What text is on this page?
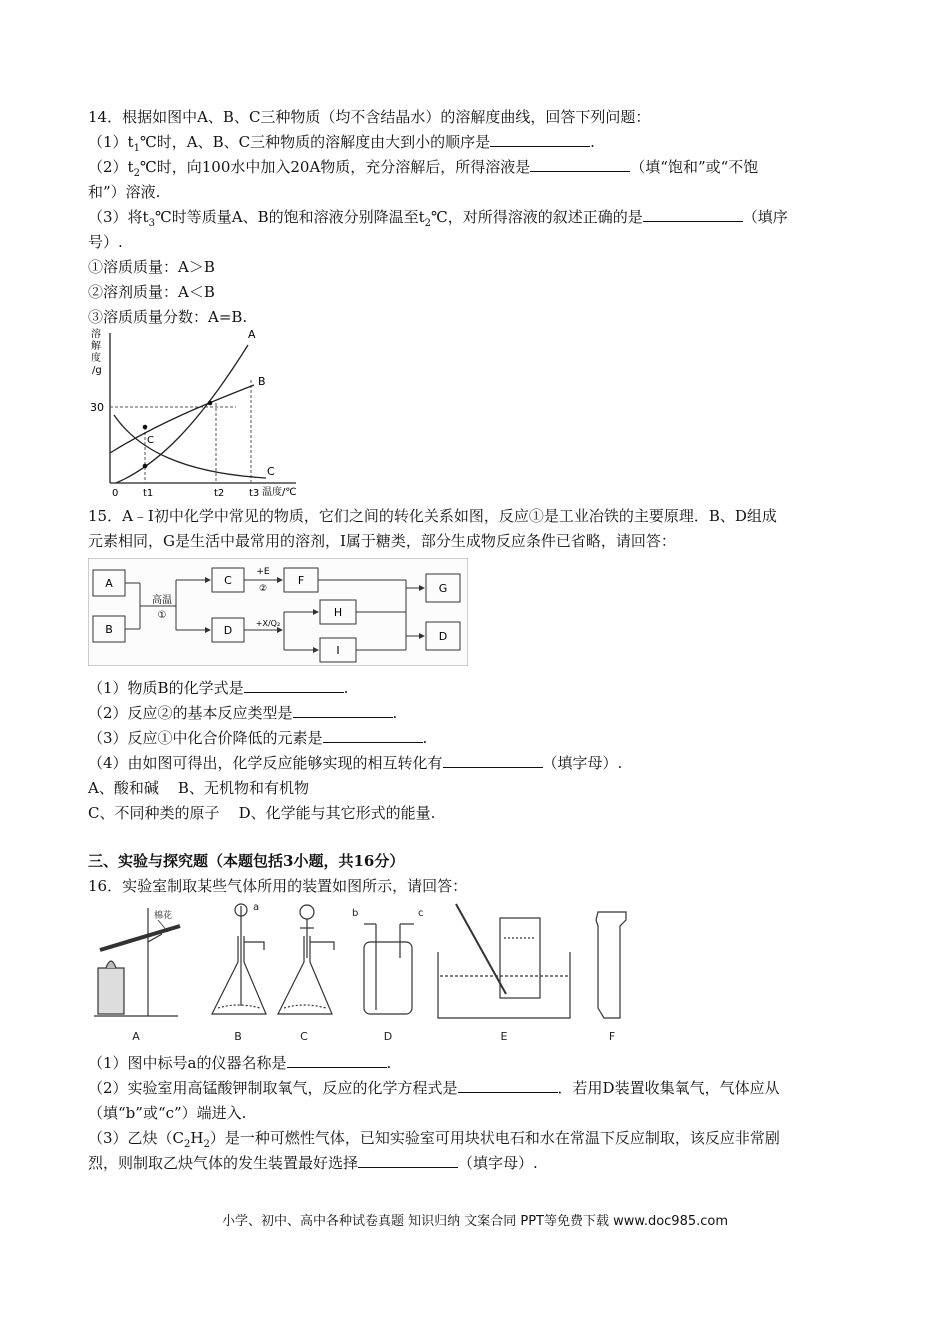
14．根据如图中A、B、C三种物质（均不含结晶水）的溶解度曲线，回答下列问题：
$(1)t_1℃$时，A、B、C三种物质的溶解度由大到小的顺序是	.
$(2)t_2℃$时，向100水中加入20A物质，充分溶解后，所得溶液是	（填“饱和”或“不饱
和”）溶液.
（3）将$t_3℃$时等质量A、B的饱和溶液分别降温至$t_2℃$，对所得溶液的叙述正确的是	（填序
号）.
①溶质质量：A＞B
②溶剂质量：A＜B
③溶质质量分数：A=B.
溶
解
度
/g
30
A
B
C
C
0 t1	t2 t3 温度/℃
15．A﹣I初中化学中常见的物质，它们之间的转化关系如图，反应①是工业冶铁的主要原理．B、D组成
元素相同，G是生活中最常用的溶剂，I属于糖类，部分生成物反应条件已省略，请回答：
A
B
高温
①
C
D
+E
②
+X/Q₂
F
H
I
G
D
（1）物质B的化学式是	.
（2）反应②的基本反应类型是	.
（3）反应①中化合价降低的元素是	.
（4）由如图可得出，化学反应能够实现的相互转化有	（填字母）.
A、酸和碱 B、无机物和有机物
C、不同种类的原子 D、化学能与其它形式的能量.
三、实验与探究题（本题包括3小题，共16分）
16．实验室制取某些气体所用的装置如图所示，请回答：
棉花
a
b	c
A	B	C	D	E	F
（1）图中标号a的仪器名称是	.
（2）实验室用高锰酸钾制取氧气，反应的化学方程式是	．若用D装置收集氧气，气体应从
（填“b”或“c”）端进入.
（3）乙炔$(C_2H_2)$是一种可燃性气体，已知实验室可用块状电石和水在常温下反应制取，该反应非常剧
烈，则制取乙炔气体的发生装置最好选择	（填字母）.
小学、初中、高中各种试卷真题 知识归纳 文案合同 PPT等免费下载 www.doc985.com
